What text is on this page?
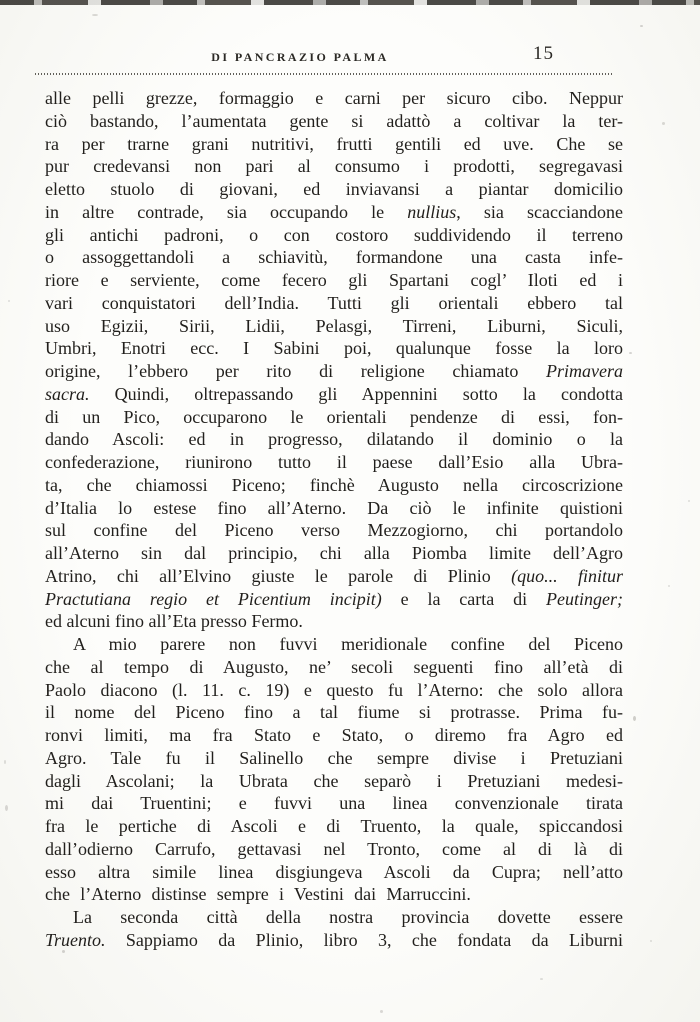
DI PANCRAZIO PALMA	15
alle pelli grezze, formaggio e carni per sicuro cibo. Neppur
ciò bastando, l’aumentata gente si adattò a coltivar la ter-
ra per trarne grani nutritivi, frutti gentili ed uve. Che se
pur credevansi non pari al consumo i prodotti, segregavasi
eletto stuolo di giovani, ed inviavansi a piantar domicilio
in altre contrade, sia occupando le nullius, sia scacciandone
gli antichi padroni, o con costoro suddividendo il terreno
o assoggettandoli a schiavitù, formandone una casta infe-
riore e serviente, come fecero gli Spartani cogl’ Iloti ed i
vari conquistatori dell’India. Tutti gli orientali ebbero tal
uso Egizii, Sirii, Lidii, Pelasgi, Tirreni, Liburni, Siculi,
Umbri, Enotri ecc. I Sabini poi, qualunque fosse la loro
origine, l’ebbero per rito di religione chiamato Primavera
sacra. Quindi, oltrepassando gli Appennini sotto la condotta
di un Pico, occuparono le orientali pendenze di essi, fon-
dando Ascoli: ed in progresso, dilatando il dominio o la
confederazione, riunirono tutto il paese dall’Esio alla Ubra-
ta, che chiamossi Piceno; finchè Augusto nella circoscrizione
d’Italia lo estese fino all’Aterno. Da ciò le infinite quistioni
sul confine del Piceno verso Mezzogiorno, chi portandolo
all’Aterno sin dal principio, chi alla Piomba limite dell’Agro
Atrino, chi all’Elvino giuste le parole di Plinio (quo... finitur
Practutiana regio et Picentium incipit) e la carta di Peutinger;
ed alcuni fino all’Eta presso Fermo.
A mio parere non fuvvi meridionale confine del Piceno
che al tempo di Augusto, ne’ secoli seguenti fino all’età di
Paolo diacono (l. 11. c. 19) e questo fu l’Aterno: che solo allora
il nome del Piceno fino a tal fiume si protrasse. Prima fu-
ronvi limiti, ma fra Stato e Stato, o diremo fra Agro ed
Agro. Tale fu il Salinello che sempre divise i Pretuziani
dagli Ascolani; la Ubrata che separò i Pretuziani medesi-
mi dai Truentini; e fuvvi una linea convenzionale tirata
fra le pertiche di Ascoli e di Truento, la quale, spiccandosi
dall’odierno Carrufo, gettavasi nel Tronto, come al di là di
esso altra simile linea disgiungeva Ascoli da Cupra; nell’atto
che l’Aterno distinse sempre i Vestini dai Marruccini.
La seconda città della nostra provincia dovette essere
Truento. Sappiamo da Plinio, libro 3, che fondata da Liburni
